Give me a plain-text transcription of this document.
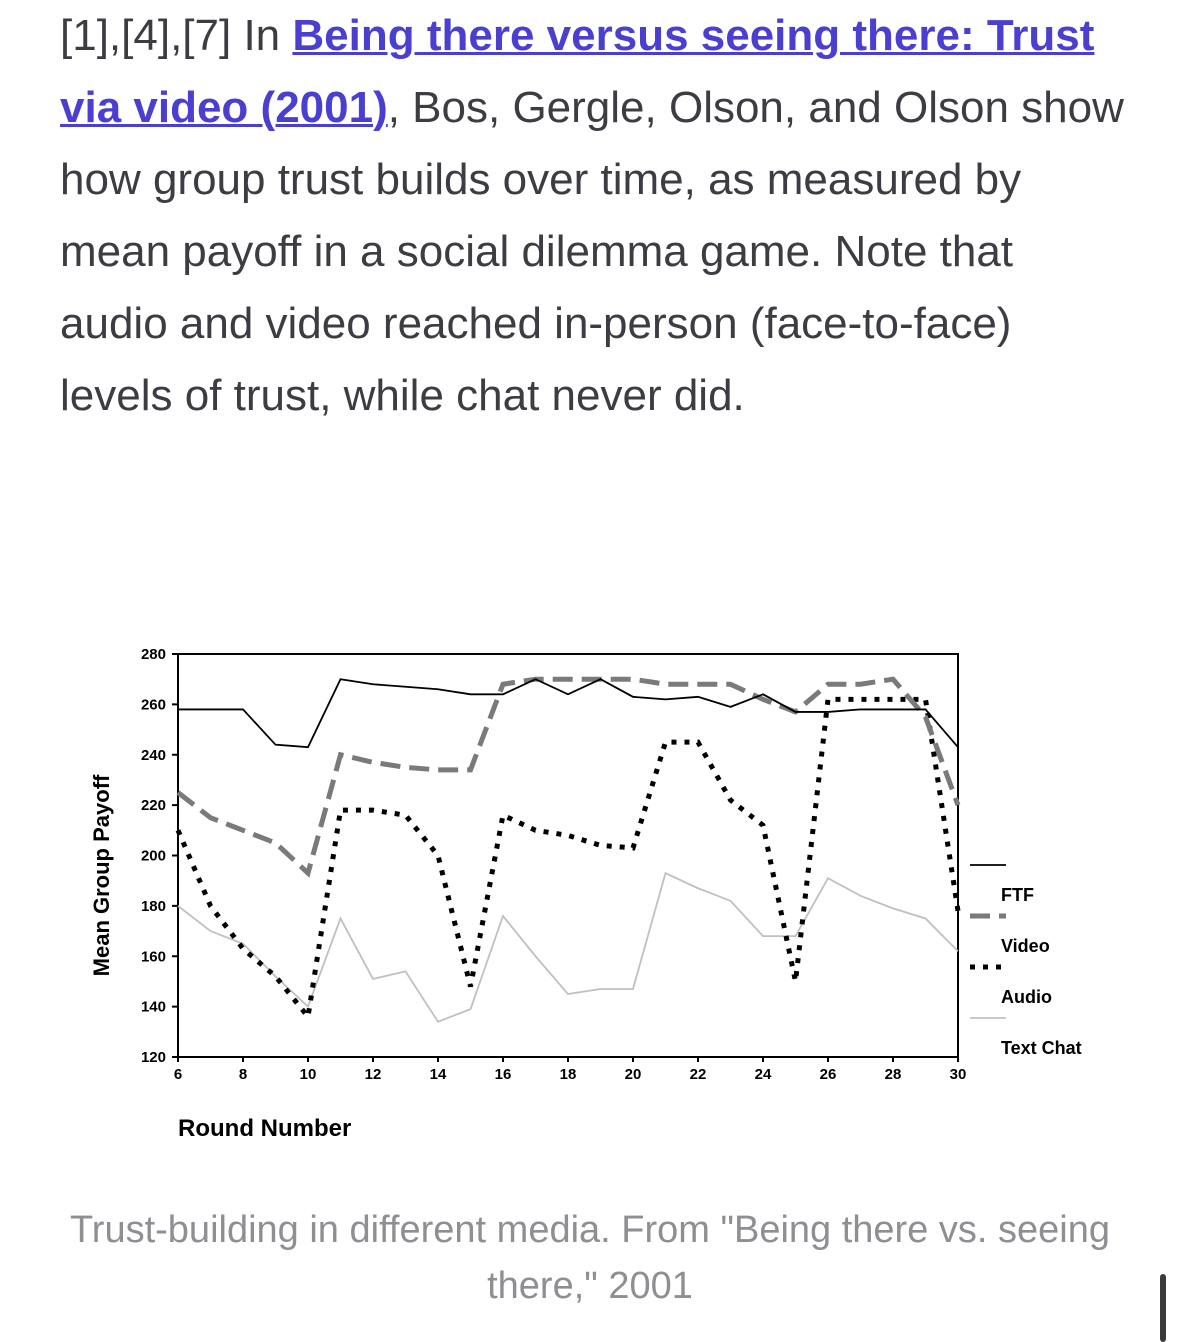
[1],[4],[7] In Being there versus seeing there: Trust via video (2001), Bos, Gergle, Olson, and Olson show how group trust builds over time, as measured by mean payoff in a social dilemma game. Note that audio and video reached in-person (face-to-face) levels of trust, while chat never did.

120
140
160
180
200
220
240
260
280
6	8	10	12	14	16	18	20	22	24	26	28	30
Mean Group Payoff
Round Number
FTF
Video
Audio
Text Chat

Trust-building in different media. From "Being there vs. seeing there," 2001
